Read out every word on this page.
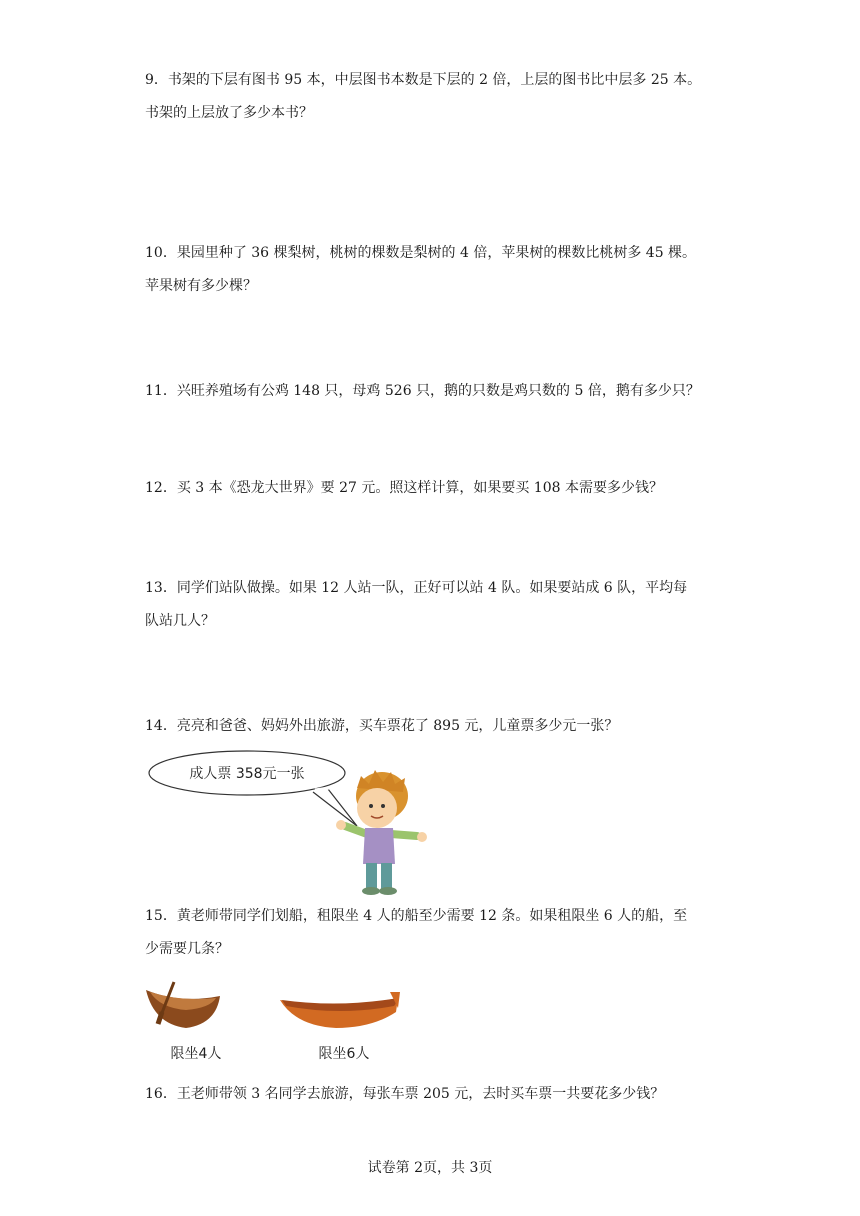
9．书架的下层有图书 95 本，中层图书本数是下层的 2 倍，上层的图书比中层多 25 本。

书架的上层放了多少本书？

10．果园里种了 36 棵梨树，桃树的棵数是梨树的 4 倍，苹果树的棵数比桃树多 45 棵。

苹果树有多少棵？

11．兴旺养殖场有公鸡 148 只，母鸡 526 只，鹅的只数是鸡只数的 5 倍，鹅有多少只？

12．买 3 本《恐龙大世界》要 27 元。照这样计算，如果要买 108 本需要多少钱？

13．同学们站队做操。如果 12 人站一队，正好可以站 4 队。如果要站成 6 队，平均每

队站几人？

14．亮亮和爸爸、妈妈外出旅游，买车票花了 895 元，儿童票多少元一张？

成人票 358元一张

15．黄老师带同学们划船，租限坐 4 人的船至少需要 12 条。如果租限坐 6 人的船，至

少需要几条？

限坐4人	限坐6人

16．王老师带领 3 名同学去旅游，每张车票 205 元，去时买车票一共要花多少钱？

试卷第 2页，共 3页
